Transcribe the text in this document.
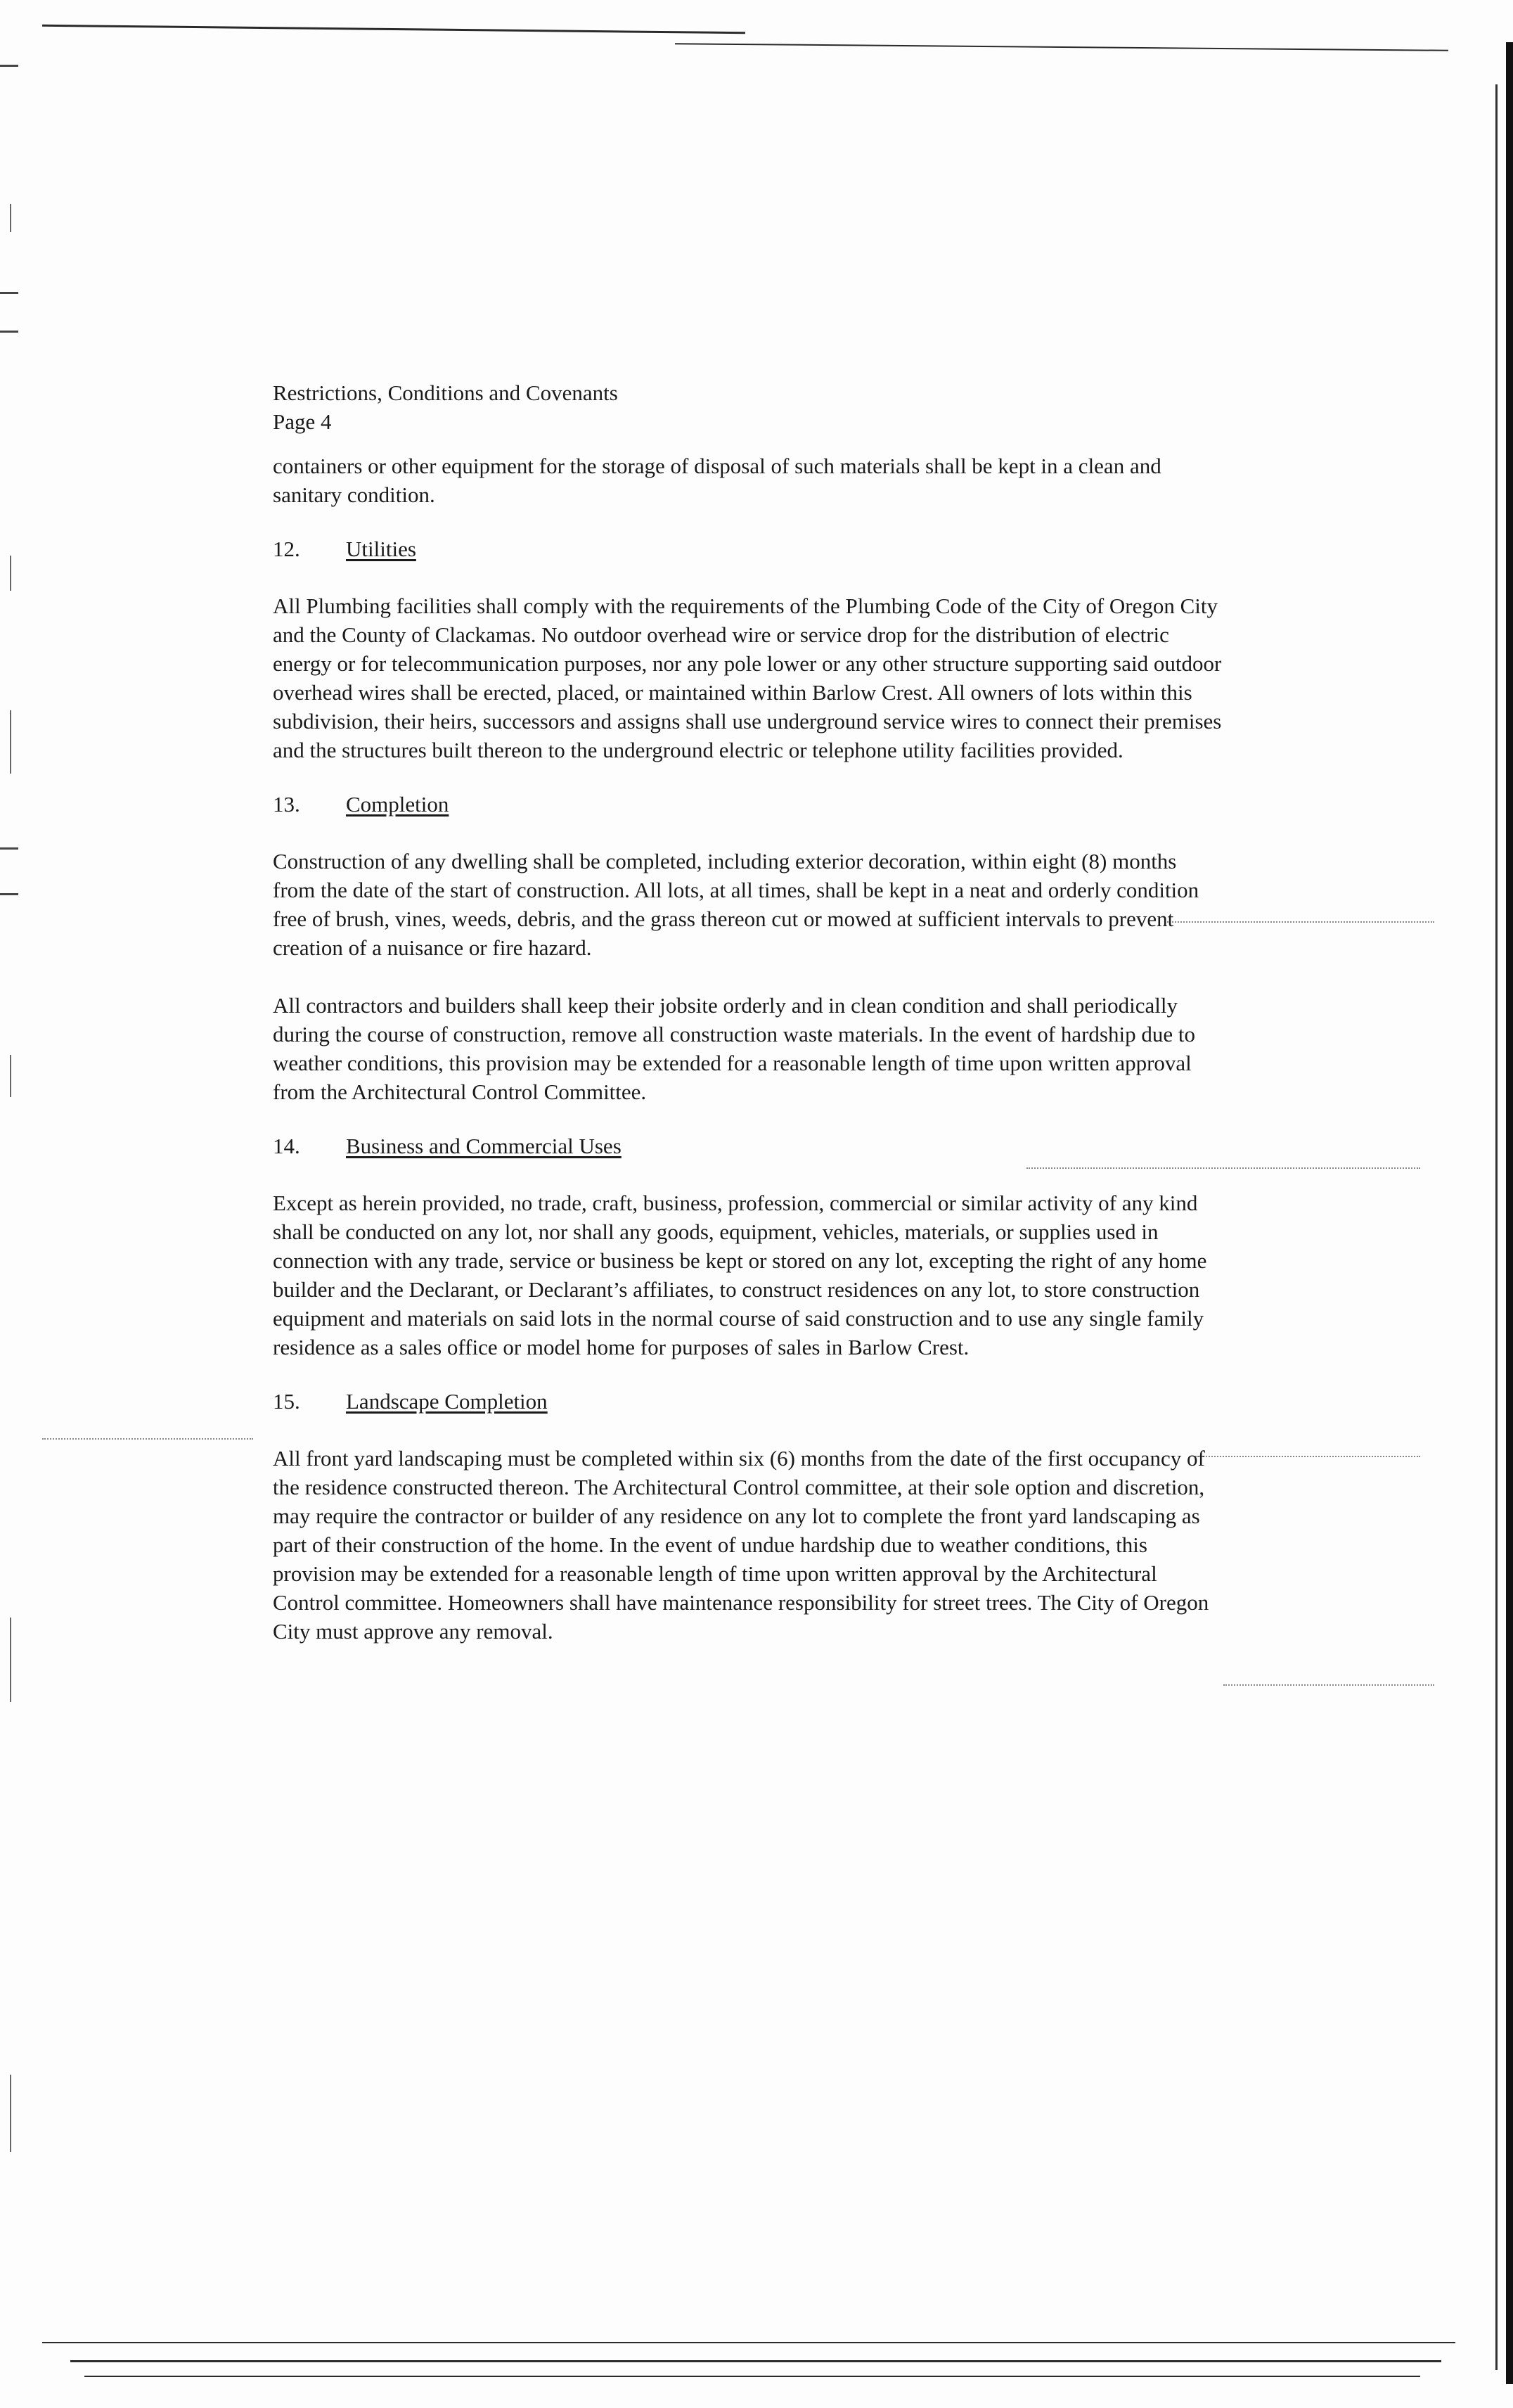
Restrictions, Conditions and Covenants
Page 4

containers or other equipment for the storage of disposal of such materials shall be kept in a clean and sanitary condition.

12.	Utilities

All Plumbing facilities shall comply with the requirements of the Plumbing Code of the City of Oregon City and the County of Clackamas. No outdoor overhead wire or service drop for the distribution of electric energy or for telecommunication purposes, nor any pole lower or any other structure supporting said outdoor overhead wires shall be erected, placed, or maintained within Barlow Crest. All owners of lots within this subdivision, their heirs, successors and assigns shall use underground service wires to connect their premises and the structures built thereon to the underground electric or telephone utility facilities provided.

13.	Completion

Construction of any dwelling shall be completed, including exterior decoration, within eight (8) months from the date of the start of construction. All lots, at all times, shall be kept in a neat and orderly condition free of brush, vines, weeds, debris, and the grass thereon cut or mowed at sufficient intervals to prevent creation of a nuisance or fire hazard.

All contractors and builders shall keep their jobsite orderly and in clean condition and shall periodically during the course of construction, remove all construction waste materials. In the event of hardship due to weather conditions, this provision may be extended for a reasonable length of time upon written approval from the Architectural Control Committee.

14.	Business and Commercial Uses

Except as herein provided, no trade, craft, business, profession, commercial or similar activity of any kind shall be conducted on any lot, nor shall any goods, equipment, vehicles, materials, or supplies used in connection with any trade, service or business be kept or stored on any lot, excepting the right of any home builder and the Declarant, or Declarant’s affiliates, to construct residences on any lot, to store construction equipment and materials on said lots in the normal course of said construction and to use any single family residence as a sales office or model home for purposes of sales in Barlow Crest.

15.	Landscape Completion

All front yard landscaping must be completed within six (6) months from the date of the first occupancy of the residence constructed thereon. The Architectural Control committee, at their sole option and discretion, may require the contractor or builder of any residence on any lot to complete the front yard landscaping as part of their construction of the home. In the event of undue hardship due to weather conditions, this provision may be extended for a reasonable length of time upon written approval by the Architectural Control committee. Homeowners shall have maintenance responsibility for street trees. The City of Oregon City must approve any removal.
